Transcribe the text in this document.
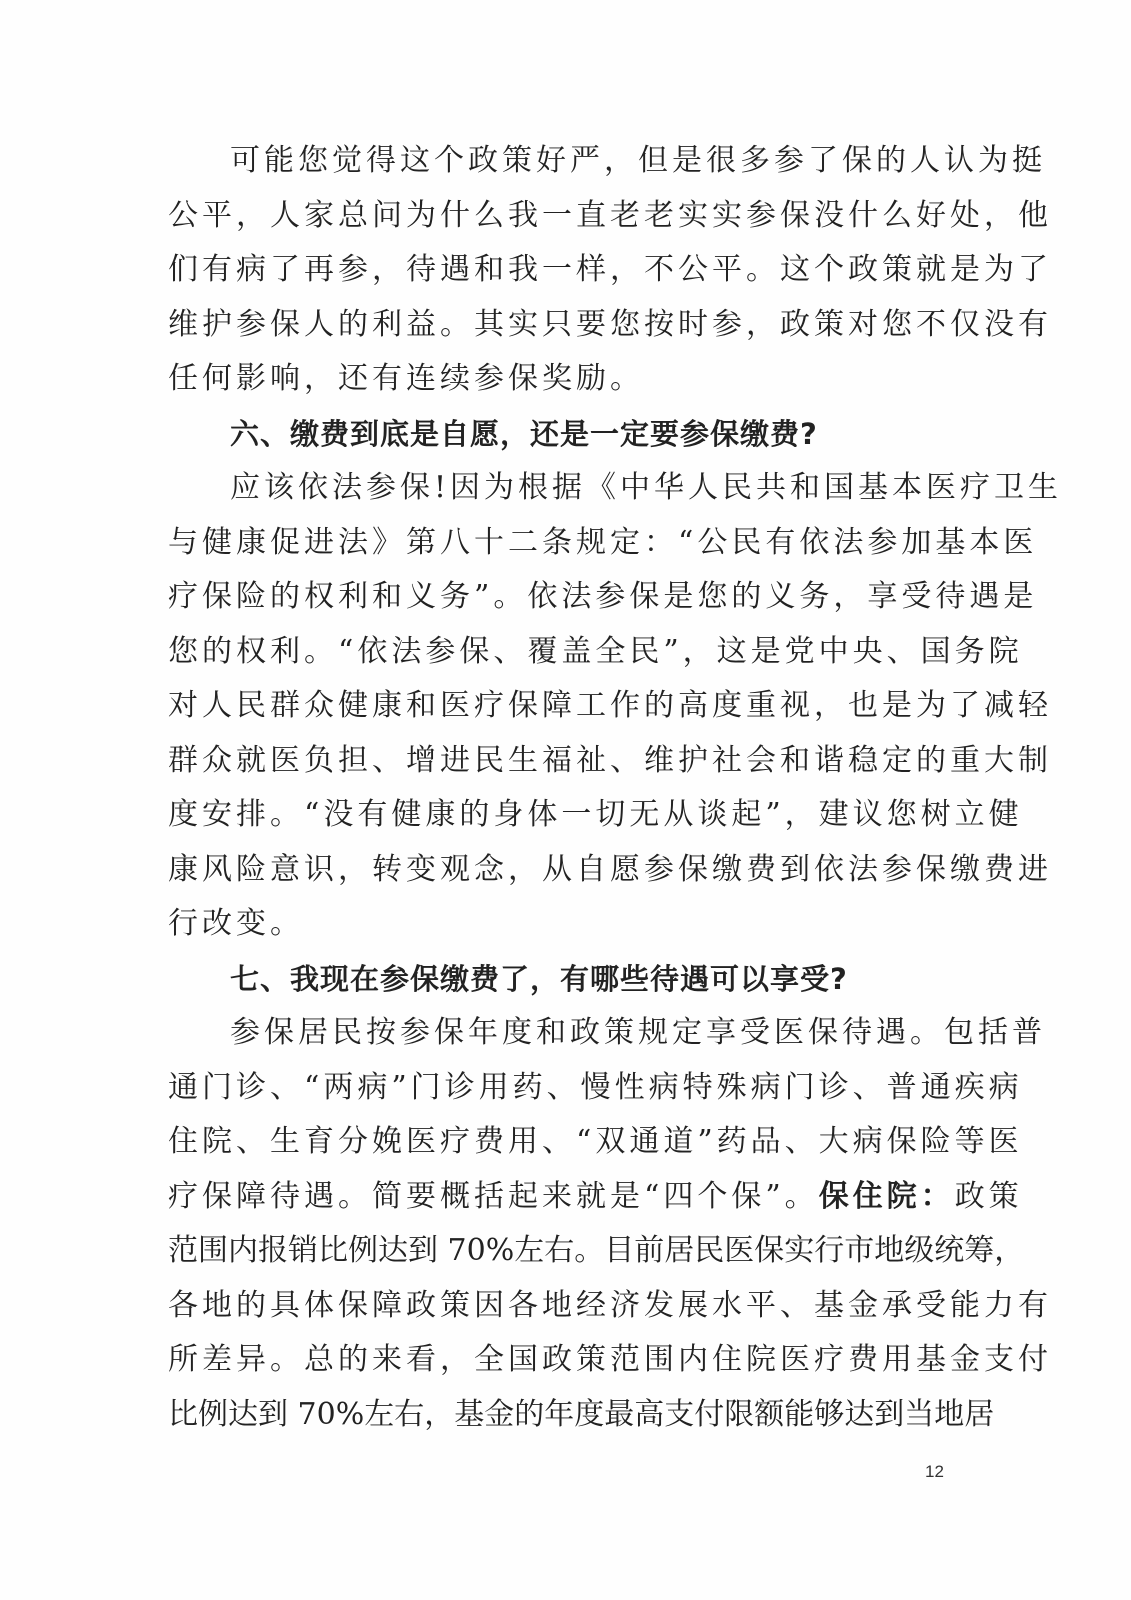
可能您觉得这个政策好严，但是很多参了保的人认为挺
公平，人家总问为什么我一直老老实实参保没什么好处，他
们有病了再参，待遇和我一样，不公平。这个政策就是为了
维护参保人的利益。其实只要您按时参，政策对您不仅没有
任何影响，还有连续参保奖励。
六、缴费到底是自愿，还是一定要参保缴费?
应该依法参保!因为根据《中华人民共和国基本医疗卫生
与健康促进法》第八十二条规定：“公民有依法参加基本医
疗保险的权利和义务”。依法参保是您的义务，享受待遇是
您的权利。“依法参保、覆盖全民”，这是党中央、国务院
对人民群众健康和医疗保障工作的高度重视，也是为了减轻
群众就医负担、增进民生福祉、维护社会和谐稳定的重大制
度安排。“没有健康的身体一切无从谈起”，建议您树立健
康风险意识，转变观念，从自愿参保缴费到依法参保缴费进
行改变。
七、我现在参保缴费了，有哪些待遇可以享受?
参保居民按参保年度和政策规定享受医保待遇。包括普
通门诊、“两病”门诊用药、慢性病特殊病门诊、普通疾病
住院、生育分娩医疗费用、“双通道”药品、大病保险等医
疗保障待遇。简要概括起来就是“四个保”。保住院：政策
范围内报销比例达到 70%左右。目前居民医保实行市地级统筹，
各地的具体保障政策因各地经济发展水平、基金承受能力有
所差异。总的来看，全国政策范围内住院医疗费用基金支付
比例达到 70%左右，基金的年度最高支付限额能够达到当地居
12
